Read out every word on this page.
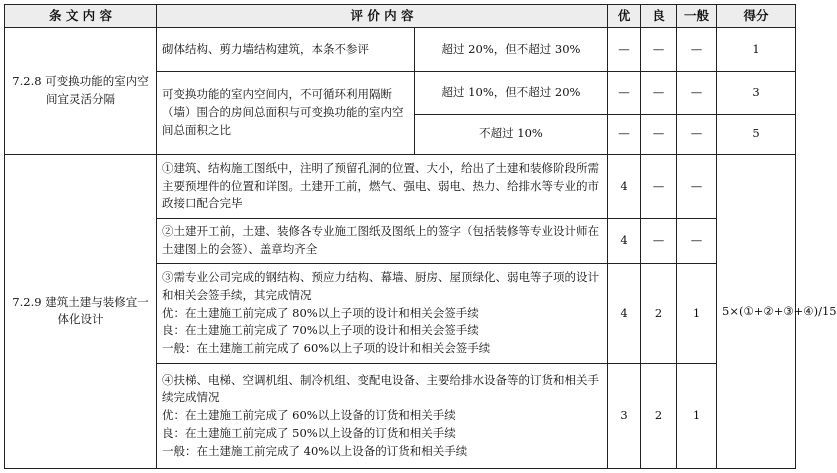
条 文 内 容	评 价 内 容		优	良	一般	得分
7.2.8 可变换功能的室内空间宜灵活分隔	砌体结构、剪力墙结构建筑，本条不参评	超过 20%，但不超过 30%	—	—	—	1
	可变换功能的室内空间内，不可循环利用隔断（墙）围合的房间总面积与可变换功能的室内空间总面积之比	超过 10%，但不超过 20%	—	—	—	3
		不超过 10%	—	—	—	5
7.2.9 建筑土建与装修宜一体化设计	①建筑、结构施工图纸中，注明了预留孔洞的位置、大小，给出了土建和装修阶段所需主要预埋件的位置和详图。土建开工前，燃气、强电、弱电、热力、给排水等专业的市政接口配合完毕		4	—	—	5×(①+②+③+④)/15
	②土建开工前，土建、装修各专业施工图纸及图纸上的签字（包括装修等专业设计师在土建图上的会签）、盖章均齐全		4	—	—	

	③需专业公司完成的钢结构、预应力结构、幕墙、厨房、屋顶绿化、弱电等子项的设计和相关会签手续，其完成情况
优：在土建施工前完成了 80%以上子项的设计和相关会签手续
良：在土建施工前完成了 70%以上子项的设计和相关会签手续
一般：在土建施工前完成了 60%以上子项的设计和相关会签手续		4	2	1	

	④扶梯、电梯、空调机组、制冷机组、变配电设备、主要给排水设备等的订货和相关手续完成情况
优：在土建施工前完成了 60%以上设备的订货和相关手续
良：在土建施工前完成了 50%以上设备的订货和相关手续
一般：在土建施工前完成了 40%以上设备的订货和相关手续		3	2	1	
